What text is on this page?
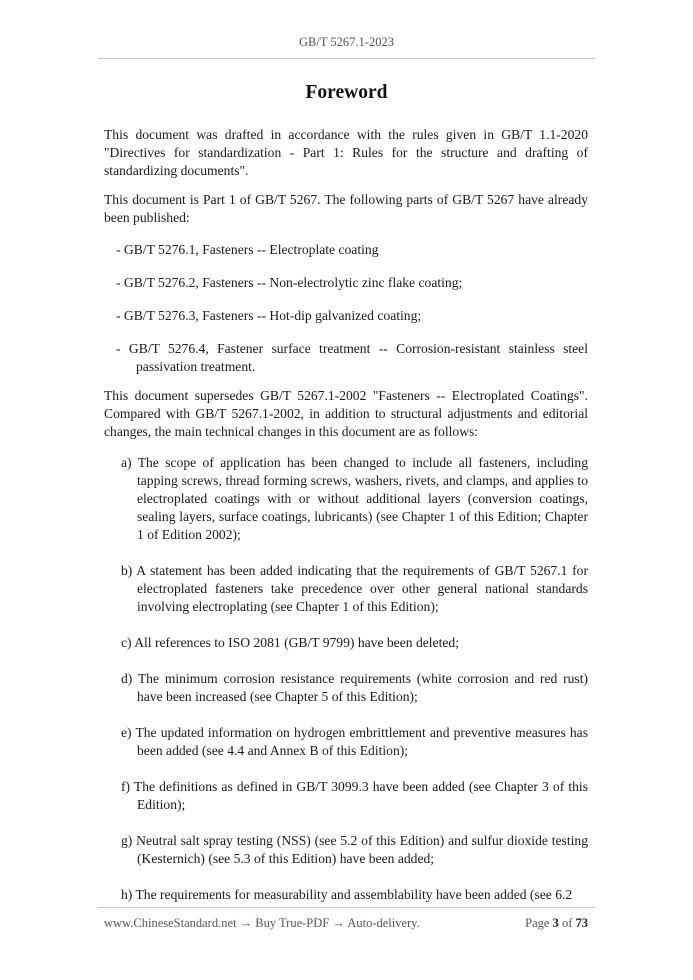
GB/T 5267.1-2023
Foreword

This document was drafted in accordance with the rules given in GB/T 1.1-2020 "Directives for standardization - Part 1: Rules for the structure and drafting of standardizing documents".

This document is Part 1 of GB/T 5267. The following parts of GB/T 5267 have already been published:

- GB/T 5276.1, Fasteners -- Electroplate coating

- GB/T 5276.2, Fasteners -- Non-electrolytic zinc flake coating;

- GB/T 5276.3, Fasteners -- Hot-dip galvanized coating;

- GB/T 5276.4, Fastener surface treatment -- Corrosion-resistant stainless steel passivation treatment.

This document supersedes GB/T 5267.1-2002 "Fasteners -- Electroplated Coatings". Compared with GB/T 5267.1-2002, in addition to structural adjustments and editorial changes, the main technical changes in this document are as follows:

a) The scope of application has been changed to include all fasteners, including tapping screws, thread forming screws, washers, rivets, and clamps, and applies to electroplated coatings with or without additional layers (conversion coatings, sealing layers, surface coatings, lubricants) (see Chapter 1 of this Edition; Chapter 1 of Edition 2002);

b) A statement has been added indicating that the requirements of GB/T 5267.1 for electroplated fasteners take precedence over other general national standards involving electroplating (see Chapter 1 of this Edition);

c) All references to ISO 2081 (GB/T 9799) have been deleted;

d) The minimum corrosion resistance requirements (white corrosion and red rust) have been increased (see Chapter 5 of this Edition);

e) The updated information on hydrogen embrittlement and preventive measures has been added (see 4.4 and Annex B of this Edition);

f) The definitions as defined in GB/T 3099.3 have been added (see Chapter 3 of this Edition);

g) Neutral salt spray testing (NSS) (see 5.2 of this Edition) and sulfur dioxide testing (Kesternich) (see 5.3 of this Edition) have been added;

h) The requirements for measurability and assemblability have been added (see 6.2

www.ChineseStandard.net → Buy True-PDF → Auto-delivery.	Page 3 of 73
